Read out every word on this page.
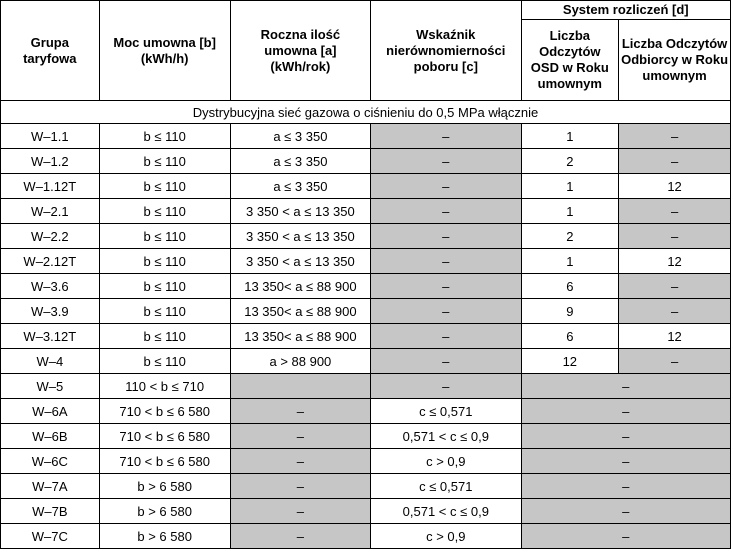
Grupa taryfowa	Moc umowna [b] (kWh/h)	Roczna ilość umowna [a] (kWh/rok)	Wskaźnik nierównomierności poboru [c]	System rozliczeń [d]	
				Liczba Odczytów OSD w Roku umownym	Liczba Odczytów Odbiorcy w Roku umownym
Dystrybucyjna sieć gazowa o ciśnieniu do 0,5 MPa włącznie					
W–1.1	b ≤ 110	a ≤ 3 350	–	1	–
W–1.2	b ≤ 110	a ≤ 3 350	–	2	–
W–1.12T	b ≤ 110	a ≤ 3 350	–	1	12
W–2.1	b ≤ 110	3 350 < a ≤ 13 350	–	1	–
W–2.2	b ≤ 110	3 350 < a ≤ 13 350	–	2	–
W–2.12T	b ≤ 110	3 350 < a ≤ 13 350	–	1	12
W–3.6	b ≤ 110	13 350< a ≤ 88 900	–	6	–
W–3.9	b ≤ 110	13 350< a ≤ 88 900	–	9	–
W–3.12T	b ≤ 110	13 350< a ≤ 88 900	–	6	12
W–4	b ≤ 110	a > 88 900	–	12	–
W–5	110 < b ≤ 710		–	–	
W–6A	710 < b ≤ 6 580	–	c ≤ 0,571	–	
W–6B	710 < b ≤ 6 580	–	0,571 < c ≤ 0,9	–	
W–6C	710 < b ≤ 6 580	–	c > 0,9	–	
W–7A	b > 6 580	–	c ≤ 0,571	–	
W–7B	b > 6 580	–	0,571 < c ≤ 0,9	–	
W–7C	b > 6 580	–	c > 0,9	–	
